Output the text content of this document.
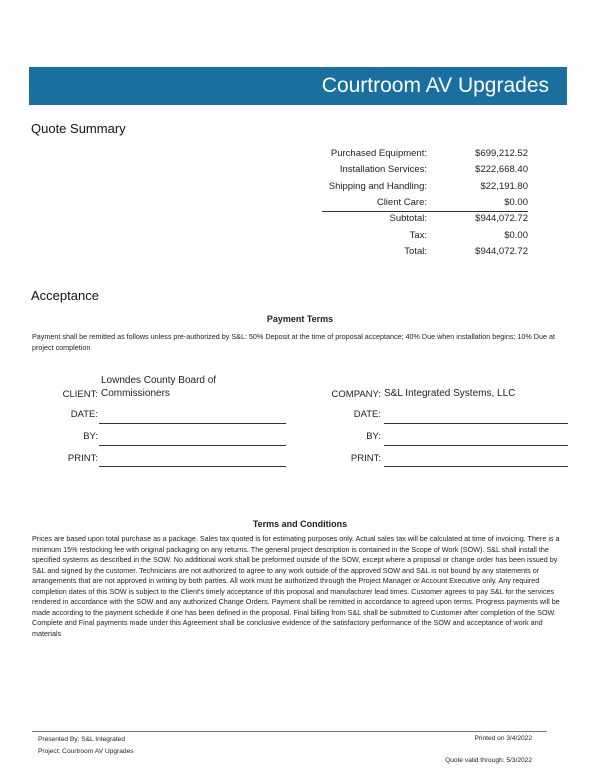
Courtroom AV Upgrades
Quote Summary
Purchased Equipment:	$699,212.52
Installation Services:	$222,668.40
Shipping and Handling:	$22,191.80
Client Care:	$0.00
Subtotal:	$944,072.72
Tax:	$0.00
Total:	$944,072.72
Acceptance
Payment Terms
Payment shall be remitted as follows unless pre-authorized by S&L: 50% Deposit at the time of proposal acceptance; 40% Due when installation begins; 10% Due at project completion
Lowndes County Board of
CLIENT: Commissioners
DATE:
BY:
PRINT:
COMPANY: S&L Integrated Systems, LLC
DATE:
BY:
PRINT:
Terms and Conditions
Prices are based upon total purchase as a package. Sales tax quoted is for estimating purposes only. Actual sales tax will be calculated at time of invoicing. There is a minimum 15% restocking fee with original packaging on any returns. The general project description is contained in the Scope of Work (SOW). S&L shall install the specified systems as described in the SOW. No additional work shall be preformed outside of the SOW, except where a proposal or change order has been issued by S&L and signed by the customer. Technicians are not authorized to agree to any work outside of the approved SOW and S&L is not bound by any statements or arrangements that are not approved in writing by both parties. All work must be authorized through the Project Manager or Account Executive only. Any required completion dates of this SOW is subject to the Client's timely acceptance of this proposal and manufacturer lead times. Customer agrees to pay S&L for the services rendered in accordance with the SOW and any authorized Change Orders. Payment shall be remitted in accordance to agreed upon terms. Progress payments will be made according to the payment schedule if one has been defined in the proposal. Final billing from S&L shall be submitted to Customer after completion of the SOW. Complete and Final payments made under this Agreement shall be conclusive evidence of the satisfactory performance of the SOW and acceptance of work and materials
Presented By: S&L Integrated
Project: Courtroom AV Upgrades
Printed on 3/4/2022
Quote valid through: 5/3/2022
